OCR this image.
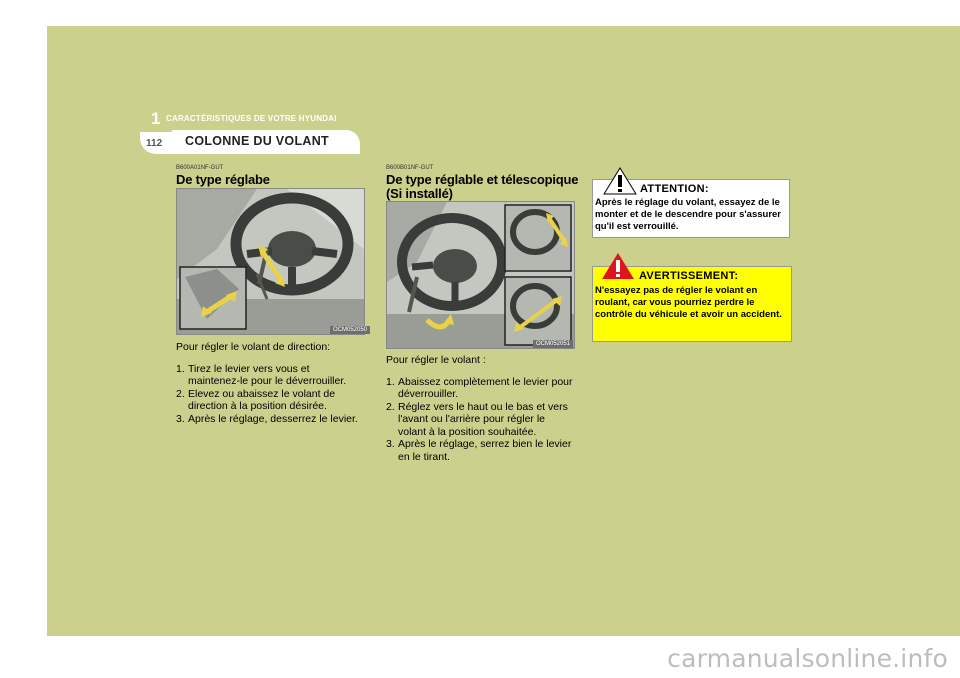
carmanualsonline.info
1 CARACTÉRISTIQUES DE VOTRE HYUNDAI
112 COLONNE DU VOLANT
B600A01NF-GUT
De type réglabe
OCM052050

Pour régler le volant de direction:

1. Tirez le levier vers vous et maintenez-le pour le déverrouiller.
2. Elevez ou abaissez le volant de direction à la position désirée.
3. Après le réglage, desserrez le levier.
B600B01NF-GUT
De type réglable et télescopique
(Si installé)
OCM052051

Pour régler le volant :

1. Abaissez complètement le levier pour déverrouiller.
2. Réglez vers le haut ou le bas et vers l'avant ou l'arrière pour régler le volant à la position souhaitée.
3. Après le réglage, serrez bien le levier en le tirant.
ATTENTION:
Après le réglage du volant, essayez de le monter et de le descendre pour s'assurer qu'il est verrouillé.
AVERTISSEMENT:
N'essayez pas de régler le volant en roulant, car vous pourriez perdre le contrôle du véhicule et avoir un accident.
